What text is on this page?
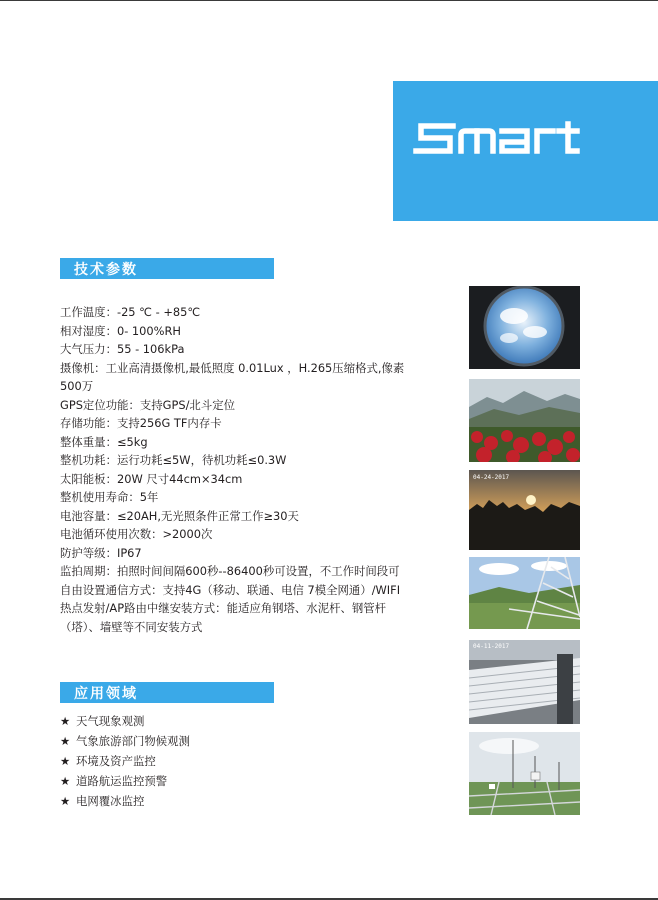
赛玛智能
技术参数
工作温度：-25 ℃ - +85℃
相对湿度：0- 100%RH
大气压力：55 - 106kPa
摄像机：工业高清摄像机,最低照度 0.01Lux ，H.265压缩格式,像素500万
GPS定位功能：支持GPS/北斗定位
存储功能：支持256G TF内存卡
整体重量：≤5kg
整机功耗：运行功耗≤5W，待机功耗≤0.3W
太阳能板：20W 尺寸44cm×34cm
整机使用寿命：5年
电池容量：≤20AH,无光照条件正常工作≥30天
电池循环使用次数：>2000次
防护等级：IP67
监拍周期：拍照时间间隔600秒--86400秒可设置，不工作时间段可自由设置通信方式：支持4G（移动、联通、电信 7模全网通）/WIFI热点发射/AP路由中继安装方式：能适应角钢塔、水泥杆、钢管杆（塔）、墙壁等不同安装方式
应用领域
★ 天气现象观测
★ 气象旅游部门物候观测
★ 环境及资产监控
★ 道路航运监控预警
★ 电网覆冰监控
04-24-2017
04-11-2017
